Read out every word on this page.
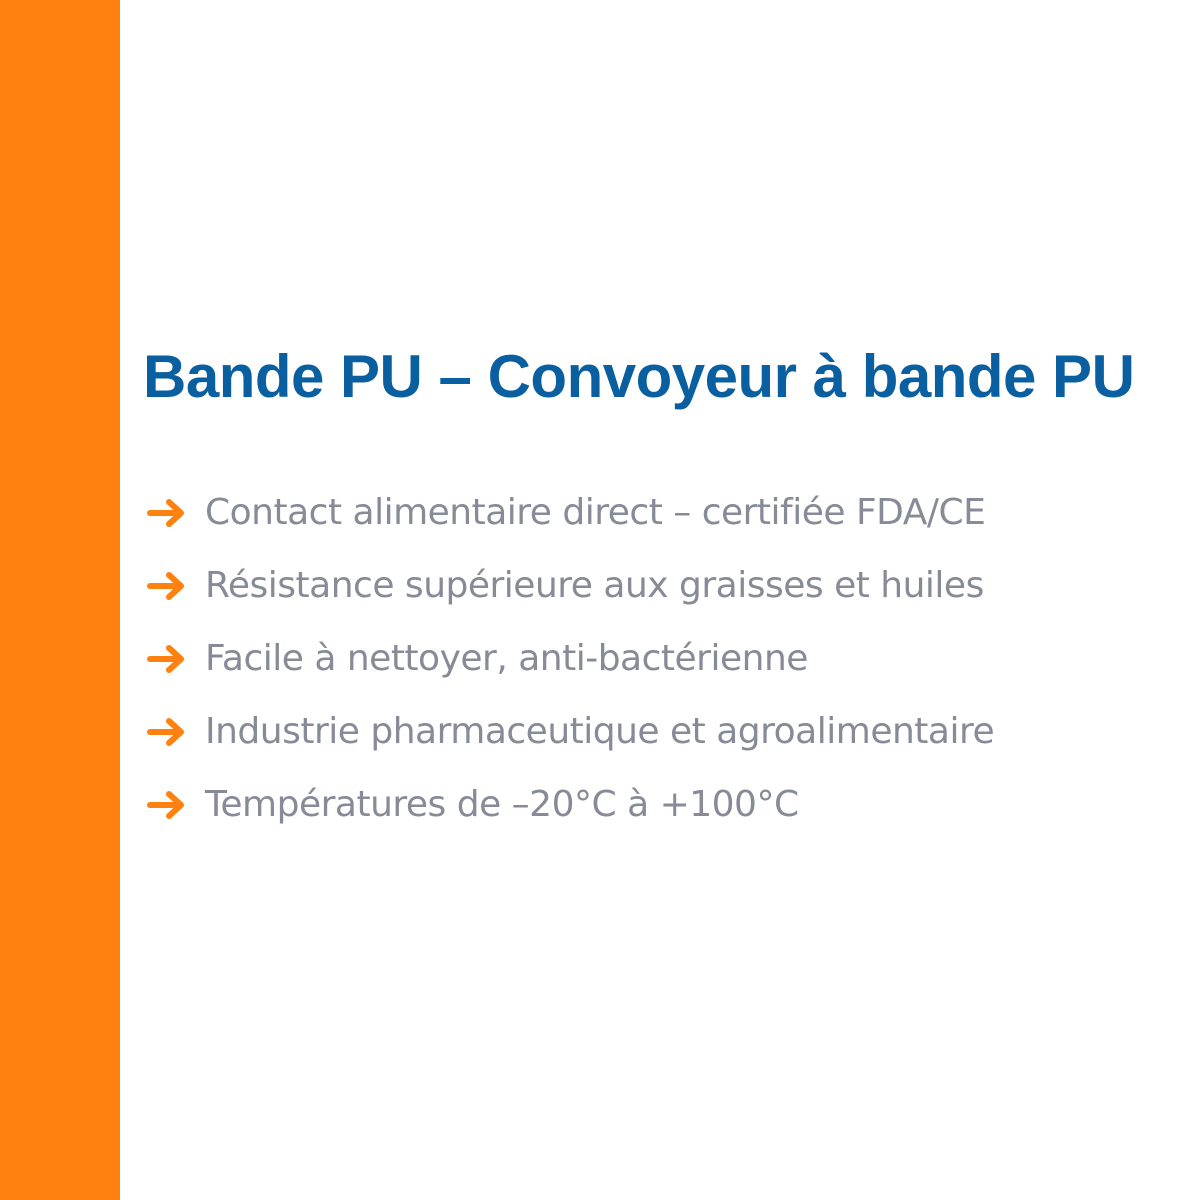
Bande PU – Convoyeur à bande PU
Contact alimentaire direct – certifiée FDA/CE
Résistance supérieure aux graisses et huiles
Facile à nettoyer, anti-bactérienne
Industrie pharmaceutique et agroalimentaire
Températures de –20°C à +100°C
